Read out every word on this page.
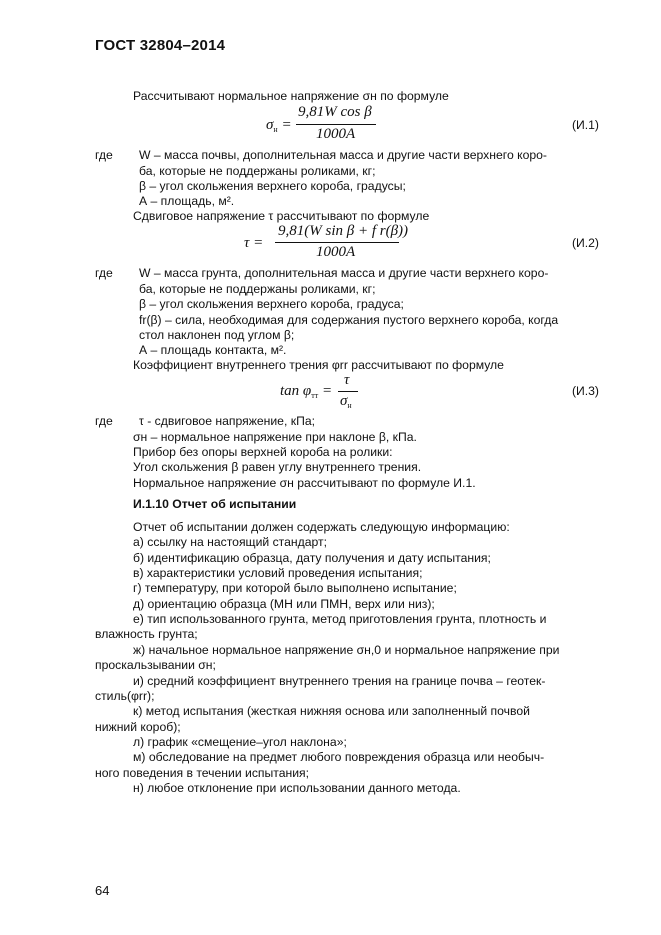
ГОСТ 32804–2014
Рассчитывают нормальное напряжение σн по формуле
$\sigma_н$ =
9,81W cos β
1000A
(И.1)
где W – масса почвы, дополнительная масса и другие части верхнего коро-
ба, которые не поддержаны роликами, кг;
β – угол скольжения верхнего короба, градусы;
А – площадь, м².
Сдвиговое напряжение τ рассчитывают по формуле
τ =
9,81(W sin β + f r(β))
1000A
(И.2)
где W – масса грунта, дополнительная масса и другие части верхнего коро-
ба, которые не поддержаны роликами, кг;
β – угол скольжения верхнего короба, градуса;
fr(β) – сила, необходимая для содержания пустого верхнего короба, когда
стол наклонен под углом β;
А – площадь контакта, м².
Коэффициент внутреннего трения φrr рассчитывают по формуле
$\tan \varphi_{тт}$ =
τ
$\sigma_н$
(И.3)
где τ - сдвиговое напряжение, кПа;
σн – нормальное напряжение при наклоне β, кПа.
Прибор без опоры верхней короба на ролики:
Угол скольжения β равен углу внутреннего трения.
Нормальное напряжение σн рассчитывают по формуле И.1.
И.1.10 Отчет об испытании
Отчет об испытании должен содержать следующую информацию:
а) ссылку на настоящий стандарт;
б) идентификацию образца, дату получения и дату испытания;
в) характеристики условий проведения испытания;
г) температуру, при которой было выполнено испытание;
д) ориентацию образца (МН или ПМН, верх или низ);
е) тип использованного грунта, метод приготовления грунта, плотность и
влажность грунта;
ж) начальное нормальное напряжение σн,0 и нормальное напряжение при
проскальзывании σн;
и) средний коэффициент внутреннего трения на границе почва – геотек-
стиль(φrr);
к) метод испытания (жесткая нижняя основа или заполненный почвой
нижний короб);
л) график «смещение–угол наклона»;
м) обследование на предмет любого повреждения образца или необыч-
ного поведения в течении испытания;
н) любое отклонение при использовании данного метода.
64
